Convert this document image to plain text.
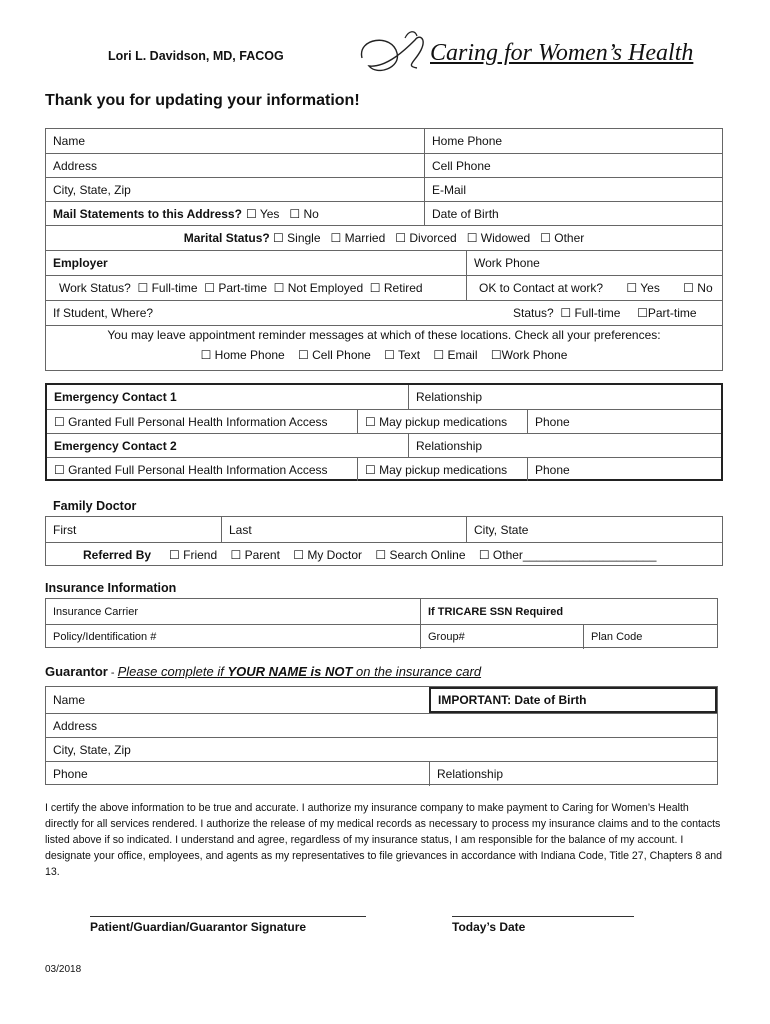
Lori L. Davidson, MD, FACOG	Caring for Women’s Health
Thank you for updating your information!
Name	Home Phone
Address	Cell Phone
City, State, Zip	E-Mail
Mail Statements to this Address? ☐ Yes   ☐ No	Date of Birth
Marital Status? ☐ Single   ☐ Married   ☐ Divorced   ☐ Widowed   ☐ Other
Employer	Work Phone
Work Status?  ☐ Full-time  ☐ Part-time  ☐ Not Employed  ☐ Retired	OK to Contact at work?       ☐ Yes       ☐ No
If Student, Where?	Status?  ☐ Full-time     ☐Part-time
You may leave appointment reminder messages at which of these locations. Check all your preferences:
☐ Home Phone    ☐ Cell Phone    ☐ Text    ☐ Email    ☐Work Phone
Emergency Contact 1	Relationship
☐ Granted Full Personal Health Information Access	☐ May pickup medications	Phone
Emergency Contact 2	Relationship
☐ Granted Full Personal Health Information Access	☐ May pickup medications	Phone
Family Doctor
First	Last	City, State
Referred By ☐ Friend    ☐ Parent    ☐ My Doctor    ☐ Search Online    ☐ Other____________________
Insurance Information
Insurance Carrier	If TRICARE SSN Required
Policy/Identification #	Group#	Plan Code
Guarantor - Please complete if YOUR NAME is NOT on the insurance card
Name	IMPORTANT: Date of Birth
Address
City, State, Zip
Phone	Relationship
I certify the above information to be true and accurate. I authorize my insurance company to make payment to Caring for Women’s Health directly for all services rendered. I authorize the release of my medical records as necessary to process my insurance claims and to the contacts listed above if so indicated. I understand and agree, regardless of my insurance status, I am responsible for the balance of my account. I designate your office, employees, and agents as my representatives to file grievances in accordance with Indiana Code, Title 27, Chapters 8 and 13.
Patient/Guardian/Guarantor Signature	Today’s Date
03/2018
